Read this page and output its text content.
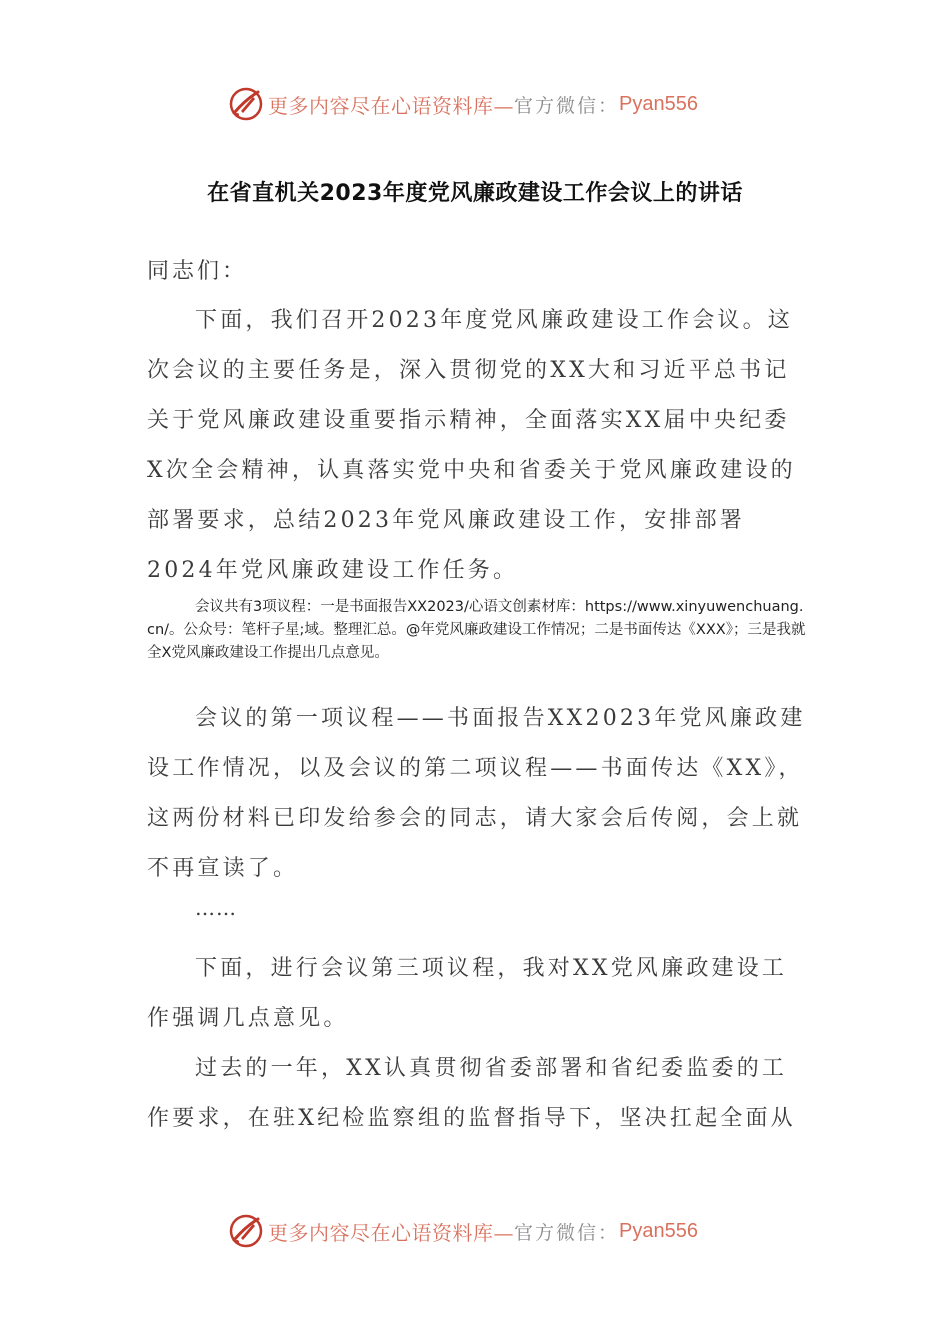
更多内容尽在心语资料库— 官方微信： Pyan556
在省直机关2023年度党风廉政建设工作会议上的讲话
同志们：

下面，我们召开2023年度党风廉政建设工作会议。这次会议的主要任务是，深入贯彻党的XX大和习近平总书记关于党风廉政建设重要指示精神，全面落实XX届中央纪委X次全会精神，认真落实党中央和省委关于党风廉政建设的部署要求，总结2023年党风廉政建设工作，安排部署2024年党风廉政建设工作任务。

会议共有3项议程：一是书面报告XX2023/心语文创素材库：https://www.xinyuwenchuang.cn/。公众号：笔杆子星;域。整理汇总。@年党风廉政建设工作情况；二是书面传达《XXX》；三是我就全X党风廉政建设工作提出几点意见。

会议的第一项议程——书面报告XX2023年党风廉政建设工作情况，以及会议的第二项议程——书面传达《XX》，这两份材料已印发给参会的同志，请大家会后传阅，会上就不再宣读了。

……

下面，进行会议第三项议程，我对XX党风廉政建设工作强调几点意见。

过去的一年，XX认真贯彻省委部署和省纪委监委的工作要求，在驻X纪检监察组的监督指导下，坚决扛起全面从

更多内容尽在心语资料库— 官方微信： Pyan556
